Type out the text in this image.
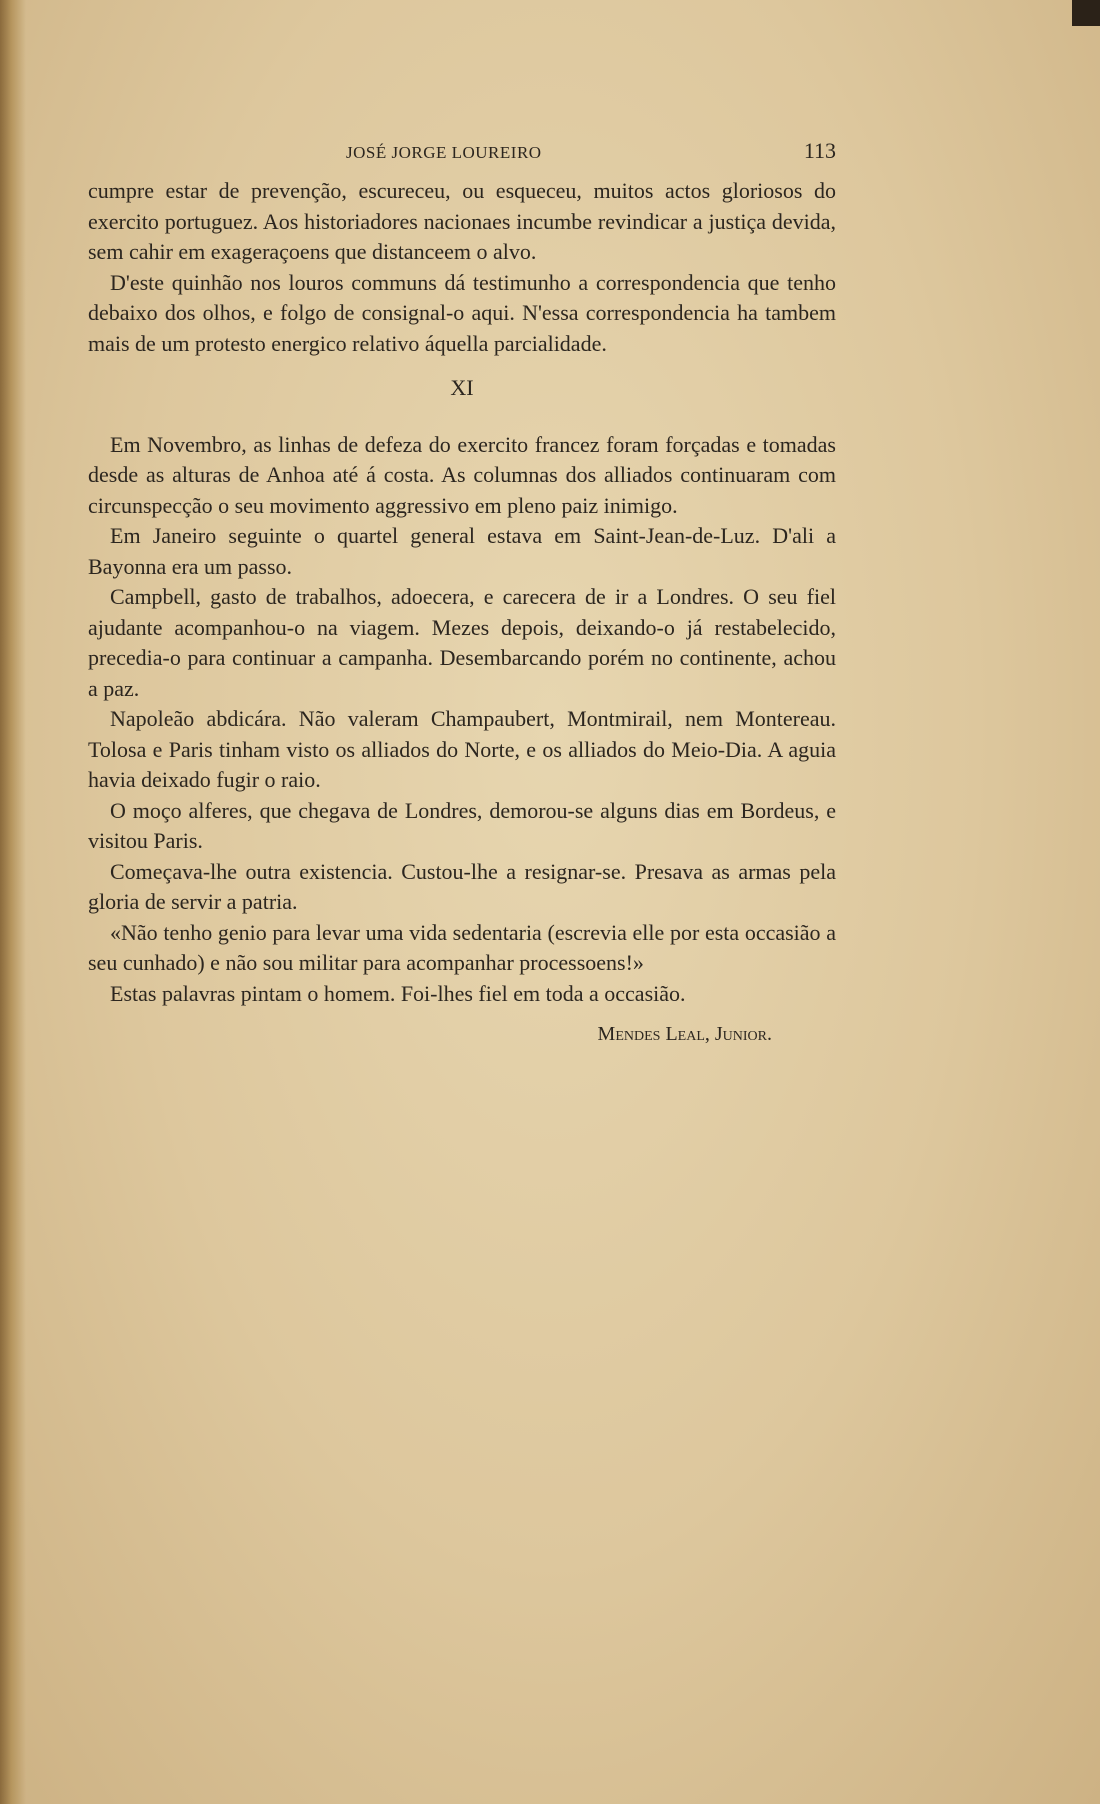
JOSÉ JORGE LOUREIRO	113

cumpre estar de prevenção, escureceu, ou esqueceu, muitos actos gloriosos do exercito portuguez. Aos historiadores nacionaes incumbe revindicar a justiça devida, sem cahir em exageraçoens que distanceem o alvo.

D'este quinhão nos louros communs dá testimunho a correspondencia que tenho debaixo dos olhos, e folgo de consignal-o aqui. N'essa correspondencia ha tambem mais de um protesto energico relativo áquella parcialidade.

XI

Em Novembro, as linhas de defeza do exercito francez foram forçadas e tomadas desde as alturas de Anhoa até á costa. As columnas dos alliados continuaram com circunspecção o seu movimento aggressivo em pleno paiz inimigo.

Em Janeiro seguinte o quartel general estava em Saint-Jean-de-Luz. D'ali a Bayonna era um passo.

Campbell, gasto de trabalhos, adoecera, e carecera de ir a Londres. O seu fiel ajudante acompanhou-o na viagem. Mezes depois, deixando-o já restabelecido, precedia-o para continuar a campanha. Desembarcando porém no continente, achou a paz.

Napoleão abdicára. Não valeram Champaubert, Montmirail, nem Montereau. Tolosa e Paris tinham visto os alliados do Norte, e os alliados do Meio-Dia. A aguia havia deixado fugir o raio.

O moço alferes, que chegava de Londres, demorou-se alguns dias em Bordeus, e visitou Paris.

Começava-lhe outra existencia. Custou-lhe a resignar-se. Presava as armas pela gloria de servir a patria.

«Não tenho genio para levar uma vida sedentaria (escrevia elle por esta occasião a seu cunhado) e não sou militar para acompanhar processoens!»

Estas palavras pintam o homem. Foi-lhes fiel em toda a occasião.

Mendes Leal, Junior.
